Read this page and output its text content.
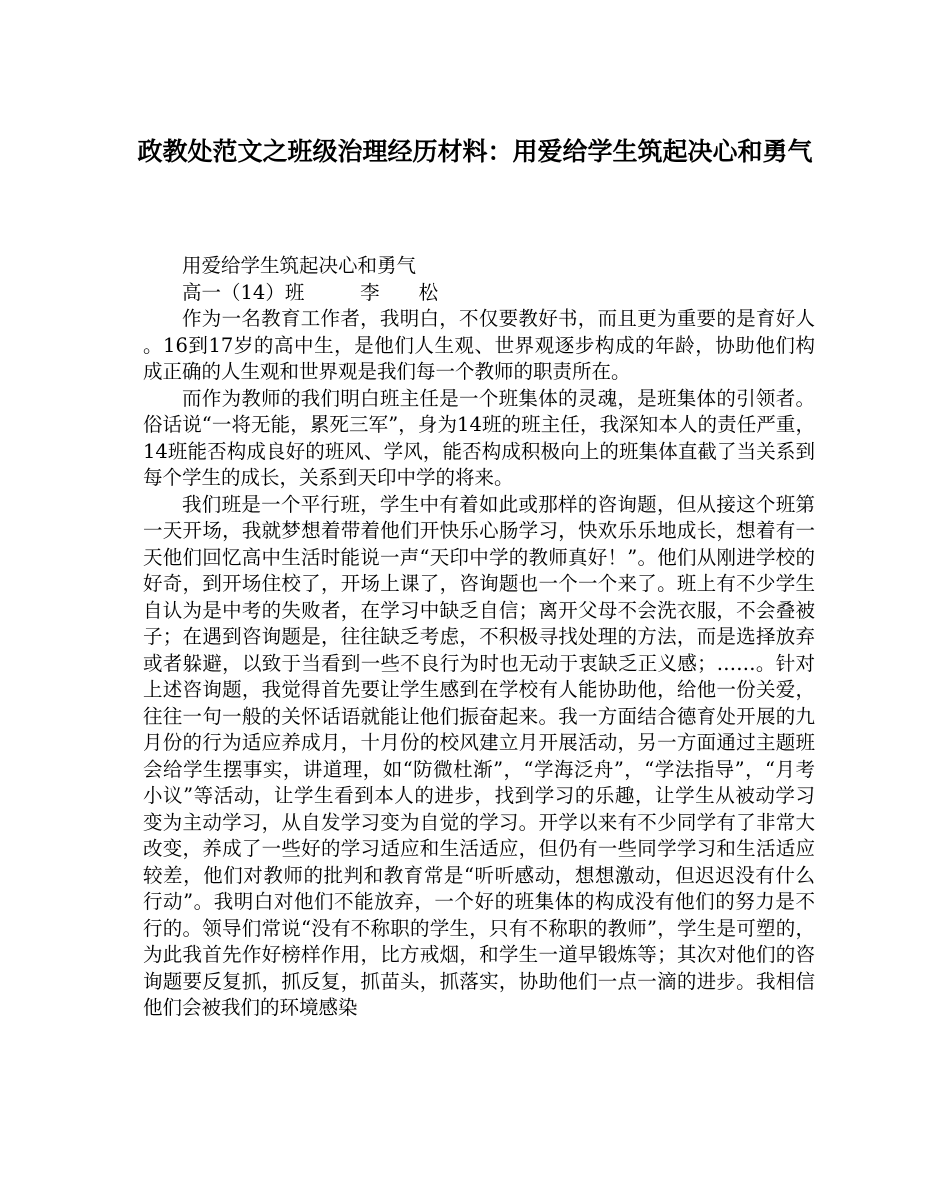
政教处范文之班级治理经历材料：用爱给学生筑起决心和勇气

用爱给学生筑起决心和勇气

高一（14）班	李　　松

作为一名教育工作者，我明白，不仅要教好书，而且更为重要的是育好人 。16到17岁的高中生，是他们人生观、世界观逐步构成的年龄，协助他们构成正确的人生观和世界观是我们每一个教师的职责所在。

而作为教师的我们明白班主任是一个班集体的灵魂，是班集体的引领者。俗话说“一将无能，累死三军”，身为14班的班主任，我深知本人的责任严重，14班能否构成良好的班风、学风，能否构成积极向上的班集体直截了当关系到每个学生的成长，关系到天印中学的将来。

我们班是一个平行班，学生中有着如此或那样的咨询题，但从接这个班第一天开场，我就梦想着带着他们开快乐心肠学习，快欢乐乐地成长，想着有一天他们回忆高中生活时能说一声“天印中学的教师真好！”。他们从刚进学校的好奇，到开场住校了，开场上课了，咨询题也一个一个来了。班上有不少学生自认为是中考的失败者，在学习中缺乏自信；离开父母不会洗衣服，不会叠被子；在遇到咨询题是，往往缺乏考虑，不积极寻找处理的方法，而是选择放弃或者躲避，以致于当看到一些不良行为时也无动于衷缺乏正义感；……。针对上述咨询题，我觉得首先要让学生感到在学校有人能协助他，给他一份关爱，往往一句一般的关怀话语就能让他们振奋起来。我一方面结合德育处开展的九月份的行为适应养成月，十月份的校风建立月开展活动，另一方面通过主题班会给学生摆事实，讲道理，如“防微杜渐”，“学海泛舟”，“学法指导”，“月考小议”等活动，让学生看到本人的进步，找到学习的乐趣，让学生从被动学习变为主动学习，从自发学习变为自觉的学习。开学以来有不少同学有了非常大改变，养成了一些好的学习适应和生活适应，但仍有一些同学学习和生活适应较差，他们对教师的批判和教育常是“听听感动，想想激动，但迟迟没有什么行动”。我明白对他们不能放弃，一个好的班集体的构成没有他们的努力是不行的。领导们常说“没有不称职的学生，只有不称职的教师”，学生是可塑的，为此我首先作好榜样作用，比方戒烟，和学生一道早锻炼等；其次对他们的咨询题要反复抓，抓反复，抓苗头，抓落实，协助他们一点一滴的进步。我相信他们会被我们的环境感染
